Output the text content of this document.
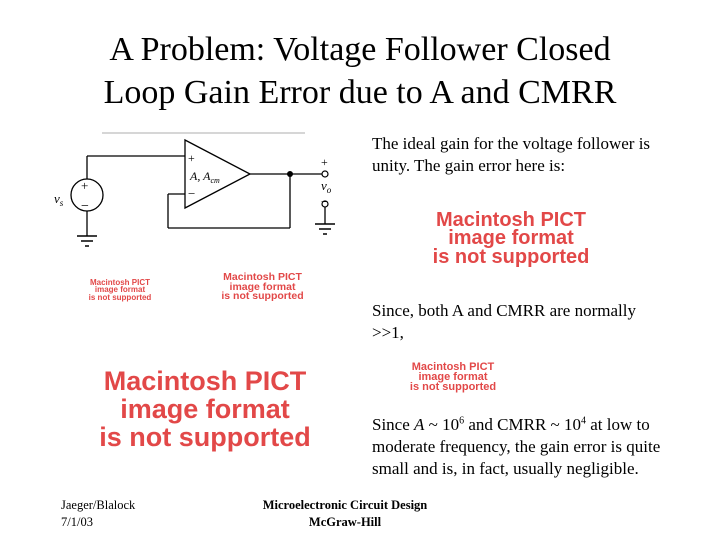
A Problem: Voltage Follower Closed
Loop Gain Error due to A and CMRR
+
−
+
−
A, $A_{cm}$
$v_s$
+
$v_o$
−
Macintosh PICT
image format
is not supported
Macintosh PICT
image format
is not supported
Macintosh PICT
image format
is not supported
The ideal gain for the voltage follower is unity. The gain error here is:
Macintosh PICT
image format
is not supported
Since, both A and CMRR are normally >>1,
Macintosh PICT
image format
is not supported
Since A ~ $10^6$ and CMRR ~ $10^4$ at low to moderate frequency, the gain error is quite small and is, in fact, usually negligible.
Jaeger/Blalock
7/1/03
Microelectronic Circuit Design
McGraw-Hill
